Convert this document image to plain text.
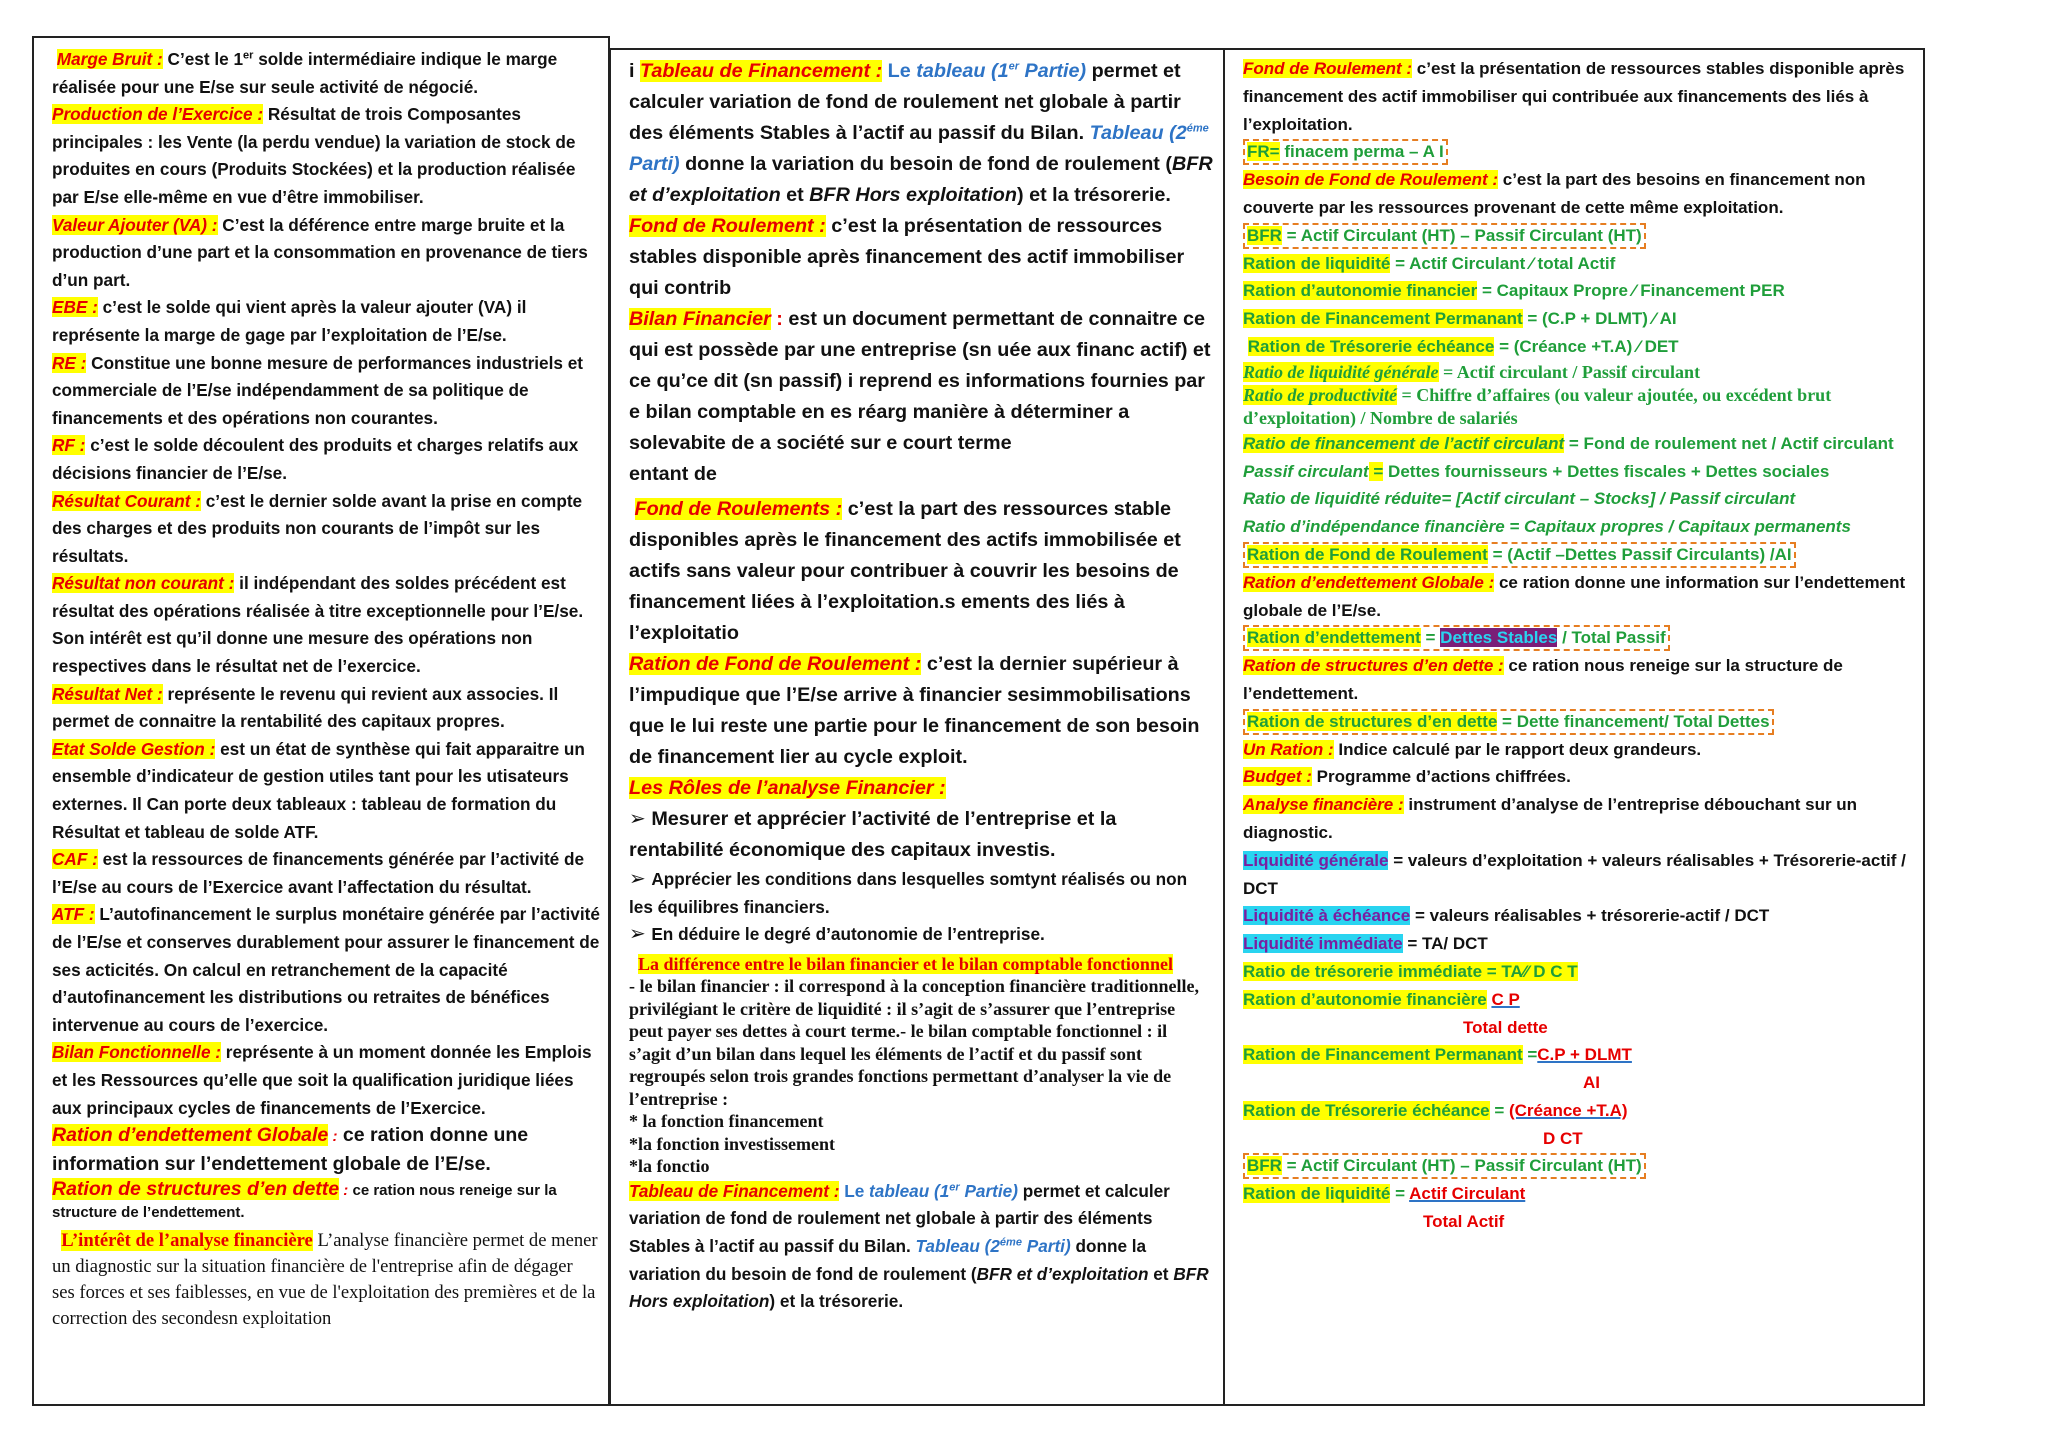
Marge Bruit : C’est le 1er solde intermédiaire indique le marge réalisée pour une E/se sur seule activité de négocié.

Production de l’Exercice : Résultat de trois Composantes principales : les Vente (la perdu vendue) la variation de stock de produites en cours (Produits Stockées) et la production réalisée par E/se elle-même en vue d’être immobiliser.

Valeur Ajouter (VA) : C’est la déférence entre marge bruite et la production d’une part et la consommation en provenance de tiers d’un part.

EBE : c’est le solde qui vient après la valeur ajouter (VA) il représente la marge de gage par l’exploitation de l’E/se.

RE : Constitue une bonne mesure de performances industriels et commerciale de l’E/se indépendamment de sa politique de financements et des opérations non courantes.

RF : c’est le solde découlent des produits et charges relatifs aux décisions financier de l’E/se.

Résultat Courant : c’est le dernier solde avant la prise en compte des charges et des produits non courants de l’impôt sur les résultats.

Résultat non courant : il indépendant des soldes précédent est résultat des opérations réalisée à titre exceptionnelle pour l’E/se. Son intérêt est qu’il donne une mesure des opérations non respectives dans le résultat net de l’exercice.

Résultat Net : représente le revenu qui revient aux associes. Il permet de connaitre la rentabilité des capitaux propres.

Etat Solde Gestion : est un état de synthèse qui fait apparaitre un ensemble d’indicateur de gestion utiles tant pour les utisateurs externes. Il Can porte deux tableaux : tableau de formation du Résultat et tableau de solde ATF.

CAF : est la ressources de financements générée par l’activité de l’E/se au cours de l’Exercice avant l’affectation du résultat.

ATF : L’autofinancement le surplus monétaire générée par l’activité de l’E/se et conserves durablement pour assurer le financement de ses acticités. On calcul en retranchement de la capacité d’autofinancement les distributions ou retraites de bénéfices intervenue au cours de l’exercice.

Bilan Fonctionnelle : représente à un moment donnée les Emplois et les Ressources qu’elle que soit la qualification juridique liées aux principaux cycles de financements de l’Exercice.

Ration d’endettement Globale : ce ration donne une information sur l’endettement globale de l’E/se.

Ration de structures d’en dette : ce ration nous reneige sur la structure de l’endettement.

L’intérêt de l’analyse financière L’analyse financière permet de mener un diagnostic sur la situation financière de l'entreprise afin de dégager ses forces et ses faiblesses, en vue de l'exploitation des premières et de la correction des secondesn exploitation

i Tableau de Financement : Le tableau (1er Partie) permet et calculer variation de fond de roulement net globale à partir des éléments Stables à l’actif au passif du Bilan. Tableau ($2^{éme}$ Parti) donne la variation du besoin de fond de roulement (BFR et d’exploitation et BFR Hors exploitation) et la trésorerie.

Fond de Roulement : c’est la présentation de ressources stables disponible après financement des actif immobiliser qui contrib

Bilan Financier : est un document permettant de connaitre ce qui est possède par une entreprise (sn uée aux financ actif) et ce qu’ce dit (sn passif) i reprend es informations fournies par e bilan comptable en es réarg manière à déterminer a solevabite de a société sur e court terme

entant de

Fond de Roulements : c’est la part des ressources stable disponibles après le financement des actifs immobilisée et actifs sans valeur pour contribuer à couvrir les besoins de financement liées à l’exploitation.s ements des liés à l’exploitatio

Ration de Fond de Roulement : c’est la dernier supérieur à l’impudique que l’E/se arrive à financier sesimmobilisations que le lui reste une partie pour le financement de son besoin de financement lier au cycle exploit.

Les Rôles de l’analyse Financier :

➢ Mesurer et apprécier l’activité de l’entreprise et la rentabilité économique des capitaux investis.

➢ Apprécier les conditions dans lesquelles somtynt réalisés ou non les équilibres financiers.

➢ En déduire le degré d’autonomie de l’entreprise.

La différence entre le bilan financier et le bilan comptable fonctionnel

- le bilan financier : il correspond à la conception financière traditionnelle, privilégiant le critère de liquidité : il s’agit de s’assurer que l’entreprise peut payer ses dettes à court terme.- le bilan comptable fonctionnel : il s’agit d’un bilan dans lequel les éléments de l’actif et du passif sont regroupés selon trois grandes fonctions permettant d’analyser la vie de l’entreprise :

* la fonction financement

*la fonction investissement

*la fonctio

Tableau de Financement : Le tableau (1er Partie) permet et calculer variation de fond de roulement net globale à partir des éléments Stables à l’actif au passif du Bilan. Tableau ($2^{éme}$ Parti) donne la variation du besoin de fond de roulement (BFR et d’exploitation et BFR Hors exploitation) et la trésorerie.

Fond de Roulement : c’est la présentation de ressources stables disponible après financement des actif immobiliser qui contribuée aux financements des liés à l’exploitation.

FR= finacem perma – A I

Besoin de Fond de Roulement : c’est la part des besoins en financement non couverte par les ressources provenant de cette même exploitation.

BFR = Actif Circulant (HT) – Passif Circulant (HT)

Ration de liquidité = Actif Circulant ⁄ total Actif

Ration d’autonomie financier = Capitaux Propre ⁄ Financement PER

Ration de Financement Permanant = (C.P + DLMT) ⁄ AI

Ration de Trésorerie échéance = (Créance +T.A) ⁄ DET

Ratio de liquidité générale = Actif circulant / Passif circulant

Ratio de productivité = Chiffre d’affaires (ou valeur ajoutée, ou excédent brut d’exploitation) / Nombre de salariés

Ratio de financement de l’actif circulant = Fond de roulement net / Actif circulant

Passif circulant = Dettes fournisseurs + Dettes fiscales + Dettes sociales

Ratio de liquidité réduite= [Actif circulant – Stocks] / Passif circulant

Ratio d’indépendance financière = Capitaux propres / Capitaux permanents

Ration de Fond de Roulement = (Actif –Dettes Passif Circulants) /AI

Ration d’endettement Globale : ce ration donne une information sur l’endettement globale de l’E/se.

Ration d’endettement = Dettes Stables / Total Passif

Ration de structures d’en dette : ce ration nous reneige sur la structure de l’endettement.

Ration de structures d’en dette = Dette financement/ Total Dettes

Un Ration : Indice calculé par le rapport deux grandeurs.

Budget : Programme d’actions chiffrées.

Analyse financière : instrument d’analyse de l’entreprise débouchant sur un diagnostic.

Liquidité générale = valeurs d’exploitation + valeurs réalisables + Trésorerie-actif / DCT

Liquidité à échéance = valeurs réalisables + trésorerie-actif / DCT

Liquidité immédiate = TA/ DCT

Ratio de trésorerie immédiate = TA⁄⁄ D C T

Ration d’autonomie financière C P

Total dette

Ration de Financement Permanant =C.P + DLMT

AI

Ration de Trésorerie échéance = (Créance +T.A)

D CT

BFR = Actif Circulant (HT) – Passif Circulant (HT)

Ration de liquidité = Actif Circulant

Total Actif
